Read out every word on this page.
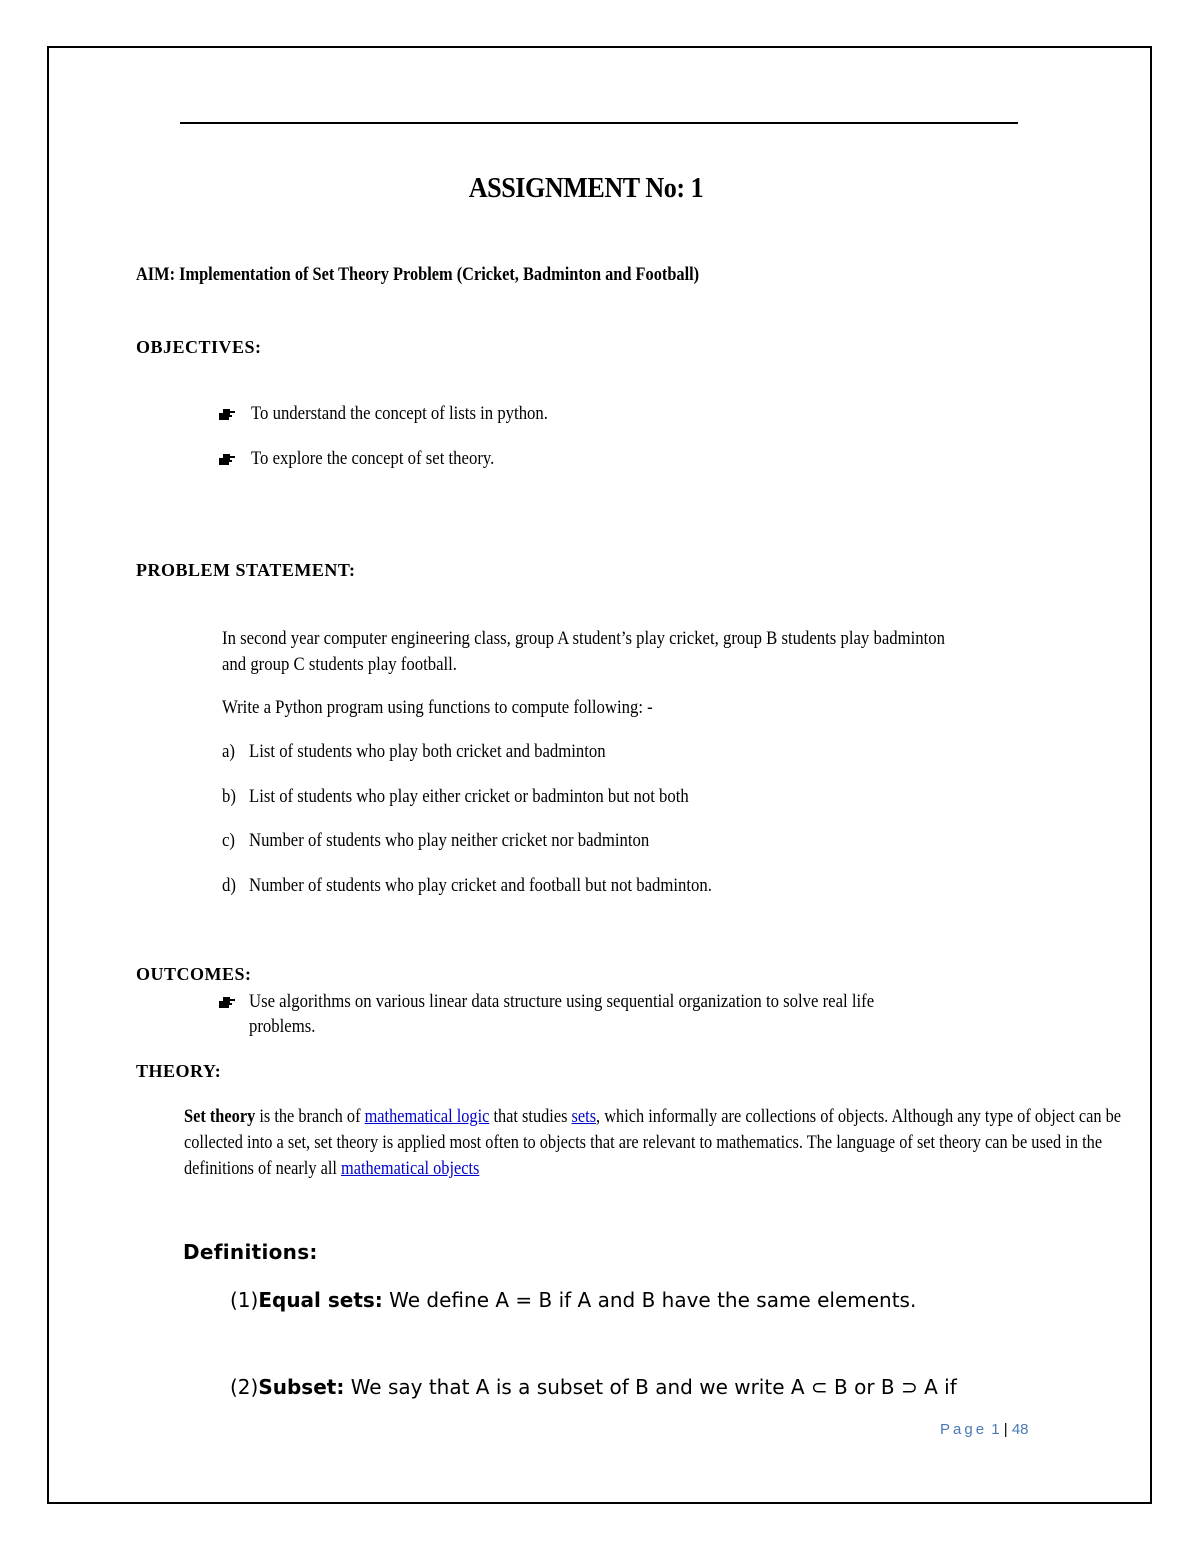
ASSIGNMENT No: 1
AIM: Implementation of Set Theory Problem (Cricket, Badminton and Football)
OBJECTIVES:
To understand the concept of lists in python.
To explore the concept of set theory.
PROBLEM STATEMENT:
In second year computer engineering class, group A student’s play cricket, group B students play badminton
and group C students play football.
Write a Python program using functions to compute following: -
a) List of students who play both cricket and badminton
b) List of students who play either cricket or badminton but not both
c) Number of students who play neither cricket nor badminton
d) Number of students who play cricket and football but not badminton.
OUTCOMES:
Use algorithms on various linear data structure using sequential organization to solve real life
problems.
THEORY:
Set theory is the branch of mathematical logic that studies sets, which informally are collections of objects. Although any type of object can be collected into a set, set theory is applied most often to objects that are relevant to mathematics. The language of set theory can be used in the definitions of nearly all mathematical objects
Definitions:
(1)Equal sets: We define A = B if A and B have the same elements.
(2)Subset: We say that A is a subset of B and we write A ⊂ B or B ⊃ A if
Page 1 | 48
